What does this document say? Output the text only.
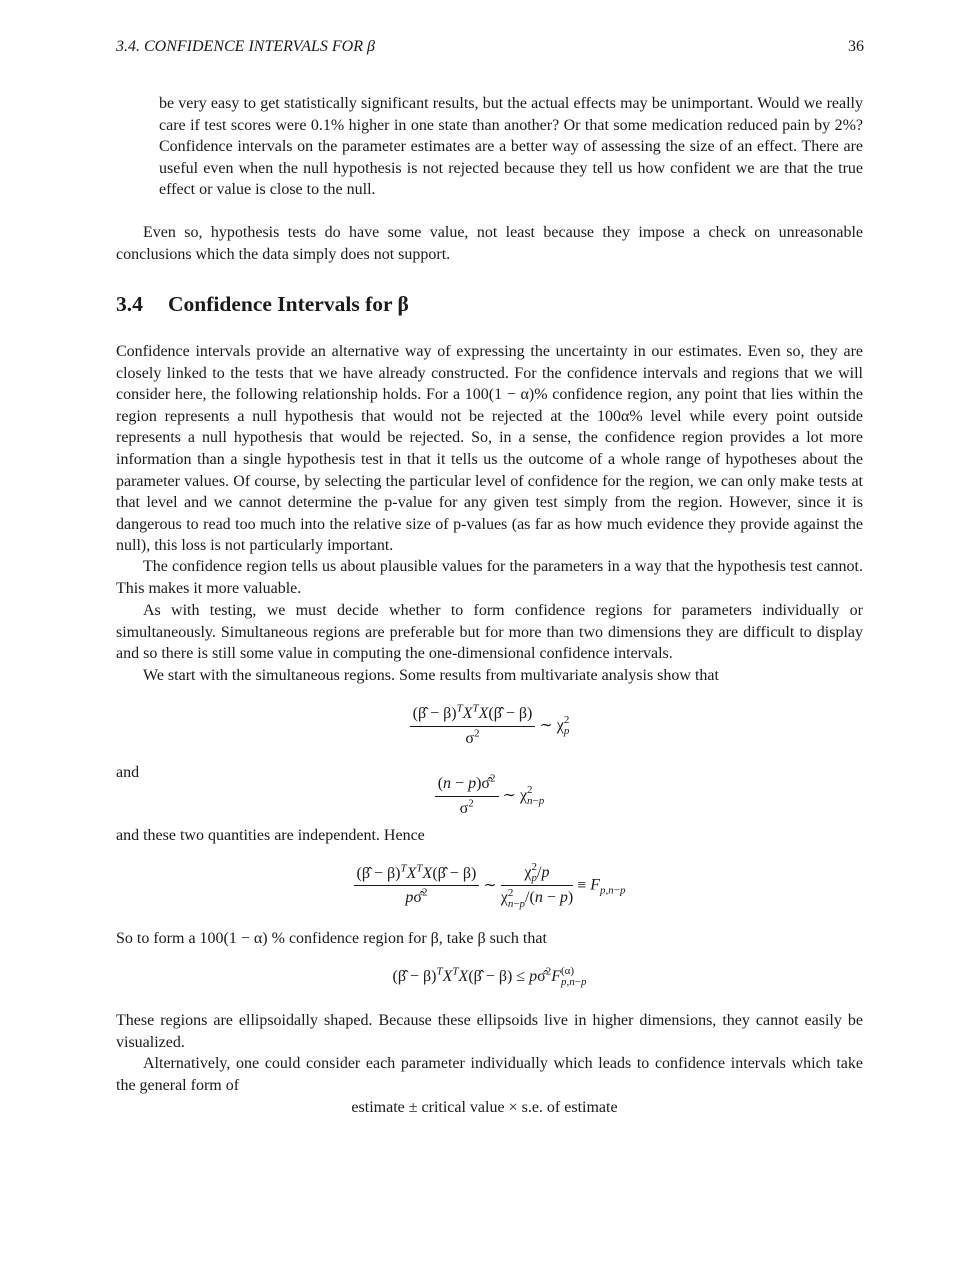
3.4. CONFIDENCE INTERVALS FOR β	36
be very easy to get statistically significant results, but the actual effects may be unimportant. Would we really care if test scores were 0.1% higher in one state than another? Or that some medication reduced pain by 2%? Confidence intervals on the parameter estimates are a better way of assessing the size of an effect. There are useful even when the null hypothesis is not rejected because they tell us how confident we are that the true effect or value is close to the null.
Even so, hypothesis tests do have some value, not least because they impose a check on unreasonable conclusions which the data simply does not support.
3.4 Confidence Intervals for β
Confidence intervals provide an alternative way of expressing the uncertainty in our estimates. Even so, they are closely linked to the tests that we have already constructed. For the confidence intervals and regions that we will consider here, the following relationship holds. For a 100(1 − α)% confidence region, any point that lies within the region represents a null hypothesis that would not be rejected at the 100α% level while every point outside represents a null hypothesis that would be rejected. So, in a sense, the confidence region provides a lot more information than a single hypothesis test in that it tells us the outcome of a whole range of hypotheses about the parameter values. Of course, by selecting the particular level of confidence for the region, we can only make tests at that level and we cannot determine the p-value for any given test simply from the region. However, since it is dangerous to read too much into the relative size of p-values (as far as how much evidence they provide against the null), this loss is not particularly important.
The confidence region tells us about plausible values for the parameters in a way that the hypothesis test cannot. This makes it more valuable.
As with testing, we must decide whether to form confidence regions for parameters individually or simultaneously. Simultaneous regions are preferable but for more than two dimensions they are difficult to display and so there is still some value in computing the one-dimensional confidence intervals.
We start with the simultaneous regions. Some results from multivariate analysis show that
$\frac{(\betâ - \beta)^TX^TX(\betâ - \beta)}{\sigma^2}$ ∼ χ 2
p
and
$\frac{(n - p)\sigmâ^2}{\sigma^2}$ ∼ χ 2
n−p
and these two quantities are independent. Hence
$\frac{(\betâ - \beta)^TX^TX(\betâ - \beta)}{p\sigmâ^2}$ ∼ χ 2
p /p
χ 2
n−p $/(n - p) \equiv F_{p,n-p}$
So to form a 100(1 − α) % confidence region for β, take β such that
(β̂ − $\beta)^TX^TX(\betâ - \beta)$ ≤ pσ̂$^2$F (α)
p,n−p
These regions are ellipsoidally shaped. Because these ellipsoids live in higher dimensions, they cannot easily be visualized.
Alternatively, one could consider each parameter individually which leads to confidence intervals which take the general form of
estimate ± critical value × s.e. of estimate
